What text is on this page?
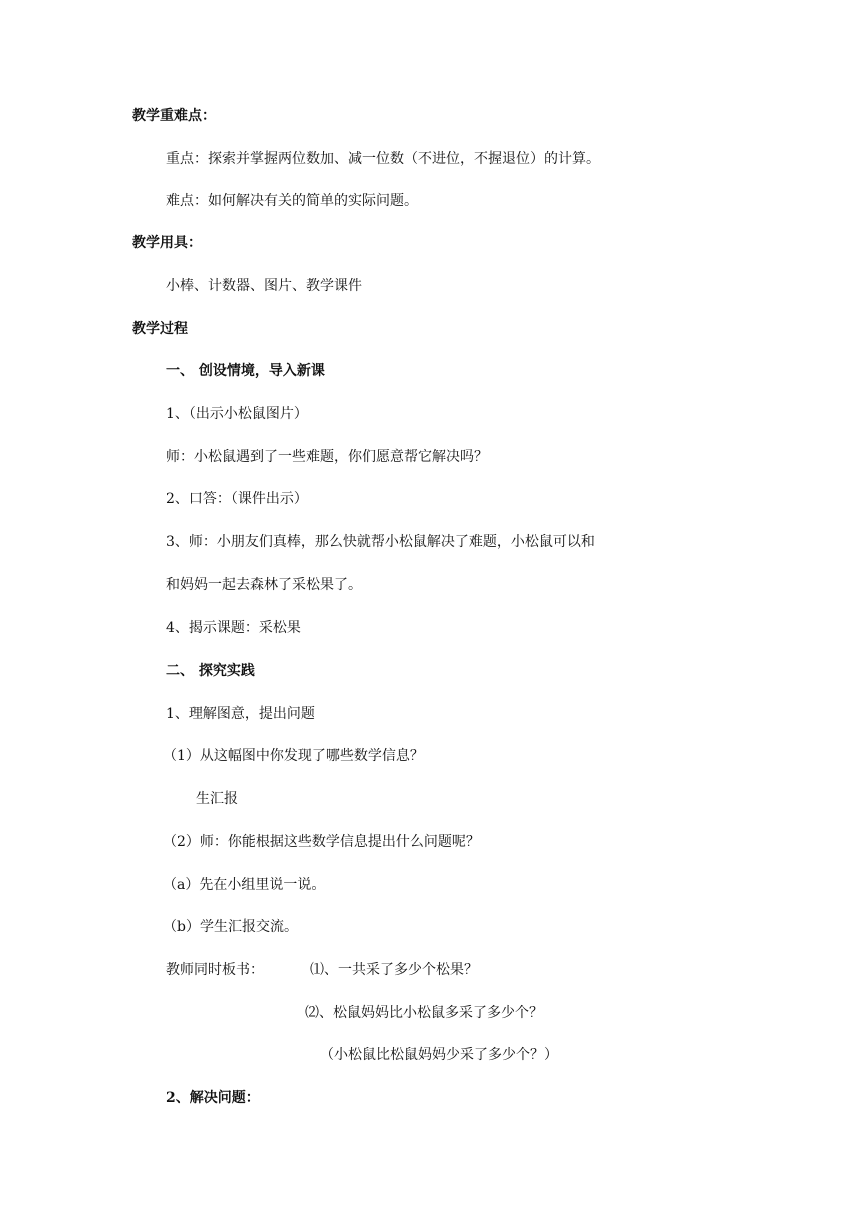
教学重难点：
重点：探索并掌握两位数加、减一位数（不进位，不握退位）的计算。
难点：如何解决有关的简单的实际问题。
教学用具：
小棒、计数器、图片、教学课件
教学过程
一、 创设情境，导入新课
1、（出示小松鼠图片）
师：小松鼠遇到了一些难题，你们愿意帮它解决吗？
2、口答：（课件出示）
3、师：小朋友们真棒，那么快就帮小松鼠解决了难题，小松鼠可以和
和妈妈一起去森林了采松果了。
4、揭示课题：采松果
二、 探究实践
1、理解图意，提出问题
（1）从这幅图中你发现了哪些数学信息？
生汇报
（2）师：你能根据这些数学信息提出什么问题呢？
（a）先在小组里说一说。
（b）学生汇报交流。
教师同时板书：	⑴、一共采了多少个松果？
⑵、松鼠妈妈比小松鼠多采了多少个？
（小松鼠比松鼠妈妈少采了多少个？）
2、解决问题：
